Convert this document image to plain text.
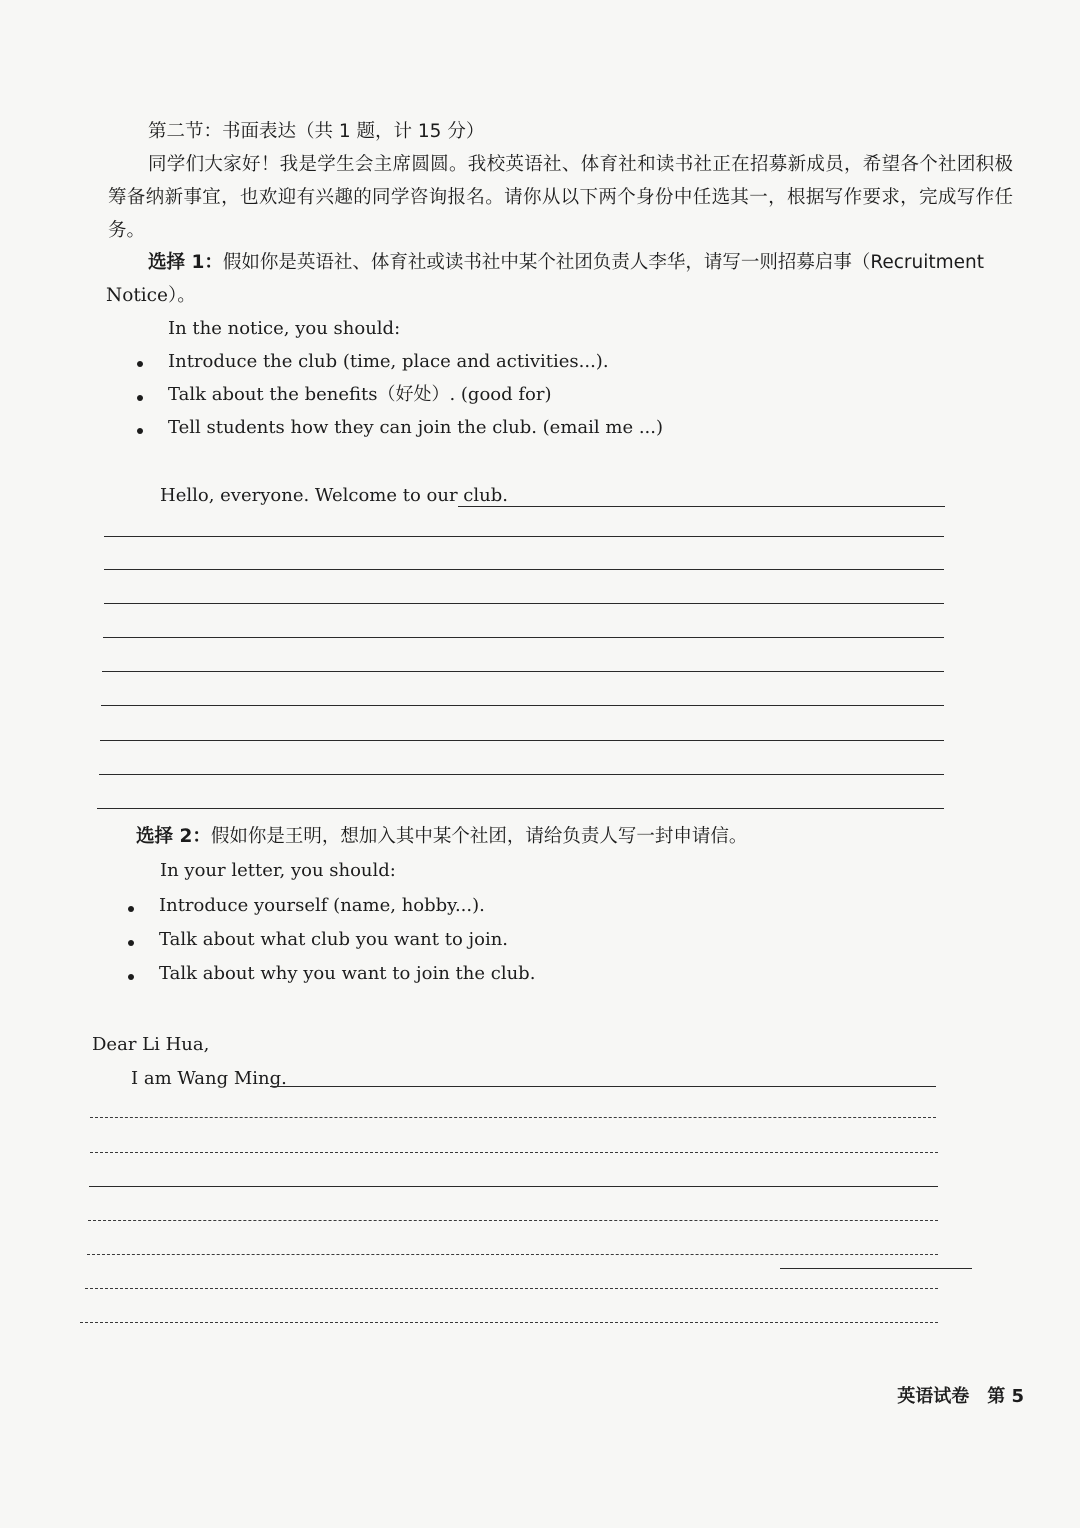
第二节：书面表达（共 1 题，计 15 分）
同学们大家好！我是学生会主席圆圆。我校英语社、体育社和读书社正在招募新成员，希望各个社团积极筹备纳新事宜，也欢迎有兴趣的同学咨询报名。请你从以下两个身份中任选其一，根据写作要求，完成写作任务。
选择 1：假如你是英语社、体育社或读书社中某个社团负责人李华，请写一则招募启事（Recruitment
Notice）。
In the notice, you should:
Introduce the club (time, place and activities...).
Talk about the benefits（好处）. (good for)
Tell students how they can join the club. (email me ...)
Hello, everyone. Welcome to our club.
选择 2：假如你是王明，想加入其中某个社团，请给负责人写一封申请信。
In your letter, you should:
Introduce yourself (name, hobby...).
Talk about what club you want to join.
Talk about why you want to join the club.
Dear Li Hua,
I am Wang Ming.
英语试卷　第 5
